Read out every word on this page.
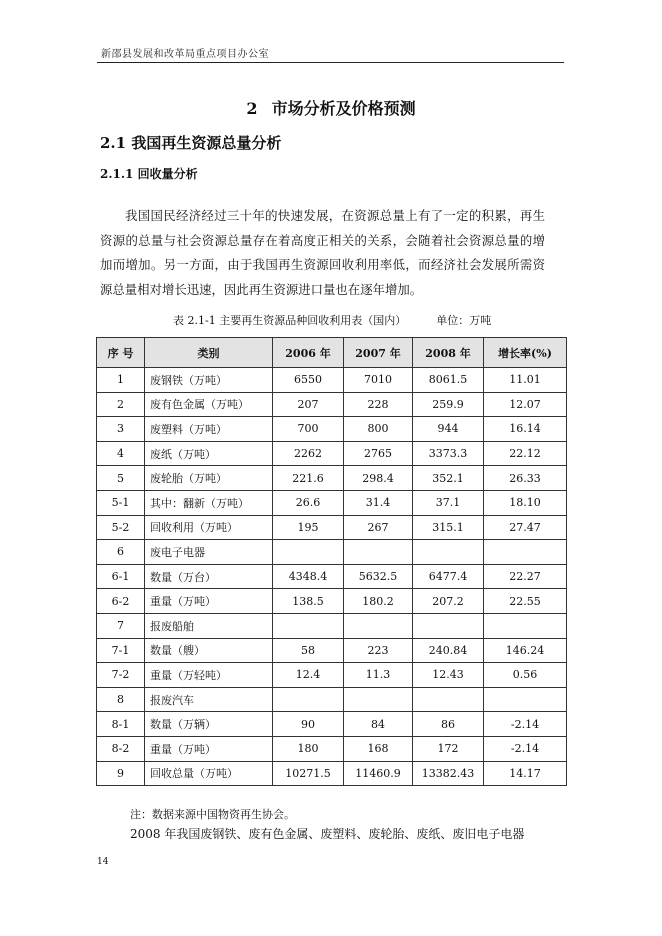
新邵县发展和改革局重点项目办公室
2 市场分析及价格预测
2.1 我国再生资源总量分析
2.1.1 回收量分析

我国国民经济经过三十年的快速发展，在资源总量上有了一定的积累，再生资源的总量与社会资源总量存在着高度正相关的关系，会随着社会资源总量的增加而增加。另一方面，由于我国再生资源回收利用率低，而经济社会发展所需资源总量相对增长迅速，因此再生资源进口量也在逐年增加。

表 2.1-1 主要再生资源品种回收利用表（国内）	单位：万吨
序 号	类别	2006 年	2007 年	2008 年	增长率(%)
1	废钢铁（万吨）	6550	7010	8061.5	11.01
2	废有色金属（万吨）	207	228	259.9	12.07
3	废塑料（万吨）	700	800	944	16.14
4	废纸（万吨）	2262	2765	3373.3	22.12
5	废轮胎（万吨）	221.6	298.4	352.1	26.33
5-1	其中：翻新（万吨）	26.6	31.4	37.1	18.10
5-2	回收利用（万吨）	195	267	315.1	27.47
6	废电子电器				
6-1	数量（万台）	4348.4	5632.5	6477.4	22.27
6-2	重量（万吨）	138.5	180.2	207.2	22.55
7	报废船舶				
7-1	数量（艘）	58	223	240.84	146.24
7-2	重量（万轻吨）	12.4	11.3	12.43	0.56
8	报废汽车				
8-1	数量（万辆）	90	84	86	-2.14
8-2	重量（万吨）	180	168	172	-2.14
9	回收总量（万吨）	10271.5	11460.9	13382.43	14.17
注：数据来源中国物资再生协会。
2008 年我国废钢铁、废有色金属、废塑料、废轮胎、废纸、废旧电子电器
14
